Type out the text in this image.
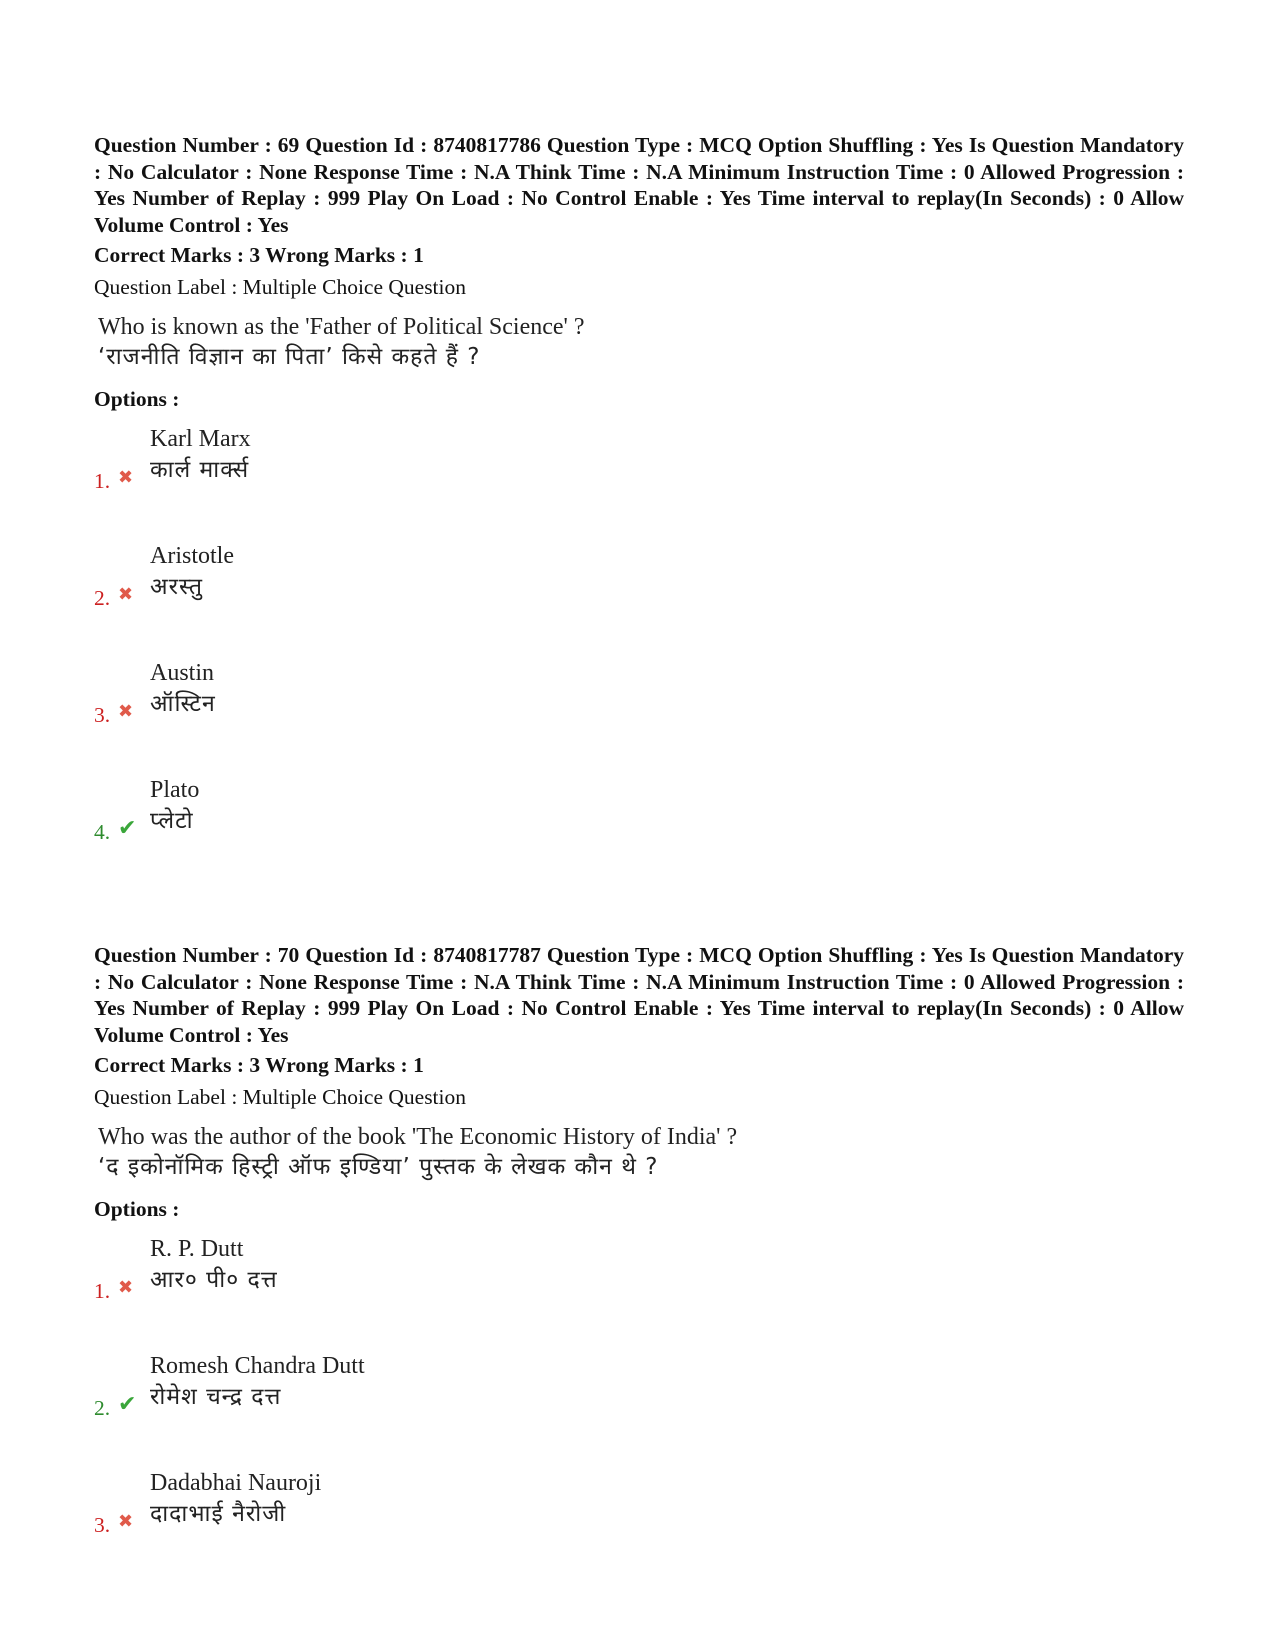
Question Number : 69 Question Id : 8740817786 Question Type : MCQ Option Shuffling : Yes Is Question Mandatory : No Calculator : None Response Time : N.A Think Time : N.A Minimum Instruction Time : 0 Allowed Progression : Yes Number of Replay : 999 Play On Load : No Control Enable : Yes Time interval to replay(In Seconds) : 0 Allow Volume Control : Yes

Correct Marks : 3 Wrong Marks : 1
Question Label : Multiple Choice Question
Who is known as the 'Father of Political Science' ?
‘राजनीति विज्ञान का पिता’ किसे कहते हैं ?
Options :
1. ✖
Karl Marx
कार्ल मार्क्स
2. ✖
Aristotle
अरस्तु
3. ✖
Austin
ऑस्टिन
4. ✔
Plato
प्लेटो

Question Number : 70 Question Id : 8740817787 Question Type : MCQ Option Shuffling : Yes Is Question Mandatory : No Calculator : None Response Time : N.A Think Time : N.A Minimum Instruction Time : 0 Allowed Progression : Yes Number of Replay : 999 Play On Load : No Control Enable : Yes Time interval to replay(In Seconds) : 0 Allow Volume Control : Yes

Correct Marks : 3 Wrong Marks : 1
Question Label : Multiple Choice Question
Who was the author of the book 'The Economic History of India' ?
‘द इकोनॉमिक हिस्ट्री ऑफ इण्डिया’ पुस्तक के लेखक कौन थे ?
Options :
1. ✖
R. P. Dutt
आर० पी० दत्त
2. ✔
Romesh Chandra Dutt
रोमेश चन्द्र दत्त
3. ✖
Dadabhai Nauroji
दादाभाई नैरोजी
